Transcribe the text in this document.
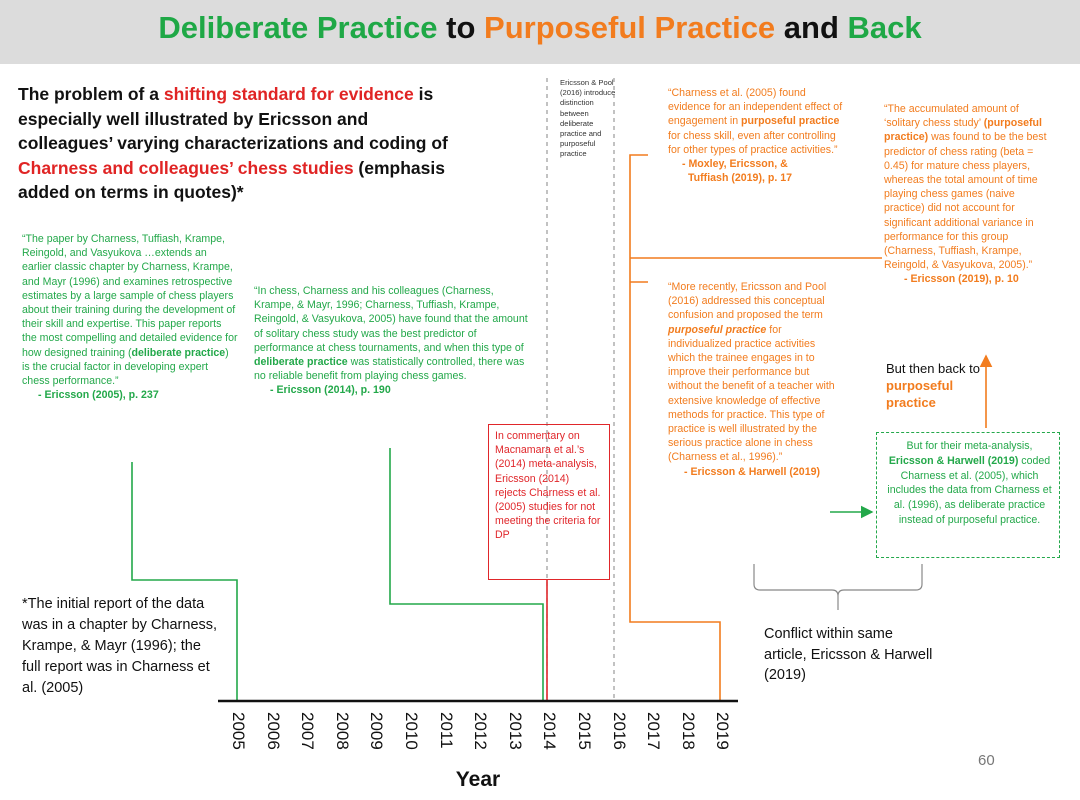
Deliberate Practice to Purposeful Practice and Back
The problem of a shifting standard for evidence is especially well illustrated by Ericsson and colleagues’ varying characterizations and coding of Charness and colleagues’ chess studies (emphasis added on terms in quotes)*
“The paper by Charness, Tuffiash, Krampe, Reingold, and Vasyukova …extends an earlier classic chapter by Charness, Krampe, and Mayr (1996) and examines retrospective estimates by a large sample of chess players about their training during the development of their skill and expertise. This paper reports the most compelling and detailed evidence for how designed training (deliberate practice) is the crucial factor in developing expert chess performance.”
- Ericsson (2005), p. 237
“In chess, Charness and his colleagues (Charness, Krampe, & Mayr, 1996; Charness, Tuffiash, Krampe, Reingold, & Vasyukova, 2005) have found that the amount of solitary chess study was the best predictor of performance at chess tournaments, and when this type of deliberate practice was statistically controlled, there was no reliable benefit from playing chess games.
- Ericsson (2014), p. 190
In commentary on Macnamara et al.’s (2014) meta-analysis, Ericsson (2014) rejects Charness et al. (2005) studies for not meeting the criteria for DP
Ericsson & Pool (2016) introduce distinction between deliberate practice and purposeful practice
“Charness et al. (2005) found evidence for an independent effect of engagement in purposeful practice for chess skill, even after controlling for other types of practice activities.”
- Moxley, Ericsson, &
Tuffiash (2019), p. 17
“More recently, Ericsson and Pool (2016) addressed this conceptual confusion and proposed the term purposeful practice for individualized practice activities which the trainee engages in to improve their performance but without the benefit of a teacher with extensive knowledge of effective methods for practice. This type of practice is well illustrated by the serious practice alone in chess (Charness et al., 1996).”
- Ericsson & Harwell (2019)
“The accumulated amount of ‘solitary chess study’ (purposeful practice) was found to be the best predictor of chess rating (beta = 0.45) for mature chess players, whereas the total amount of time playing chess games (naive practice) did not account for significant additional variance in performance for this group (Charness, Tuffiash, Krampe, Reingold, & Vasyukova, 2005).”
- Ericsson (2019), p. 10
But then back to purposeful practice
But for their meta-analysis, Ericsson & Harwell (2019) coded Charness et al. (2005), which includes the data from Charness et al. (1996), as deliberate practice instead of purposeful practice.
Conflict within same article, Ericsson & Harwell (2019)
*The initial report of the data was in a chapter by Charness, Krampe, & Mayr (1996); the full report was in Charness et al. (2005)
2005 2006 2007 2008 2009 2010 2011 2012 2013 2014 2015 2016 2017 2018 2019
Year
60
